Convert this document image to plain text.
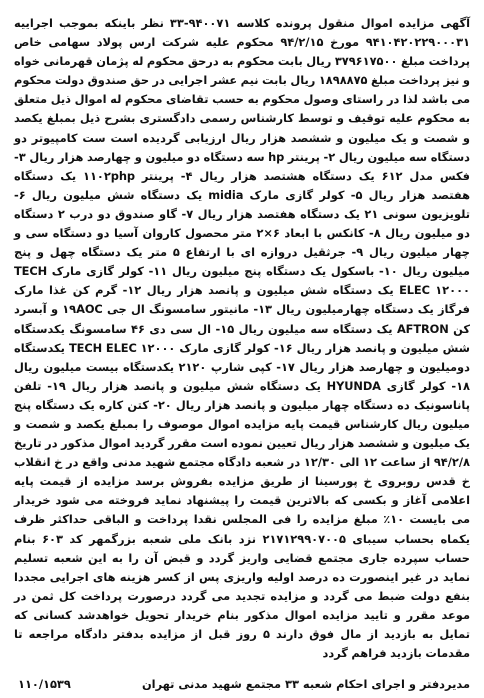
آگهی مزایده اموال منقول پرونده کلاسه ۹۴۰۰۷۱-۳۳ نظر باینکه بموجب اجراییه ۹۴۱۰۴۲۰۲۲۹۰۰۰۳۱ مورخ ۹۴/۲/۱۵ محکوم علیه شرکت ارس پولاد سهامی خاص پرداخت مبلغ ۳۷۹۶۱۷۵۰۰ ریال بابت محکوم به درحق محکوم له پژمان قهرمانی خواه و نیز پرداخت مبلغ ۱۸۹۸۸۷۵ ریال بابت نیم عشر اجرایی در حق صندوق دولت محکوم می باشد لذا در راستای وصول محکوم به حسب تقاضای محکوم له اموال ذیل متعلق به محکوم علیه توقیف و توسط کارشناس رسمی دادگستری بشرح ذیل بمبلغ یکصد و شصت و یک میلیون و ششصد هزار ریال ارزیابی گردیده است ست کامپیوتر دو دستگاه سه میلیون ریال ۲- پرینتر hp سه دستگاه دو میلیون و چهارصد هزار ریال ۳- فکس مدل ۶۱۲ یک دستگاه هشتصد هزار ریال ۴- پرینتر ۱۱۰۲php یک دستگاه هفتصد هزار ریال ۵- کولر گازی مارک midia یک دستگاه شش میلیون ریال ۶- تلویزیون سونی ۲۱ یک دستگاه هفتصد هزار ریال ۷- گاو صندوق دو درب ۲ دستگاه دو میلیون ریال ۸- کانکس با ابعاد ۶×۲ متر محصول کاروان آسیا دو دستگاه سی و چهار میلیون ریال ۹- جرثقیل دروازه ای با ارتفاع ۵ متر یک دستگاه چهل و پنج میلیون ریال ۱۰- باسکول یک دستگاه پنج میلیون ریال ۱۱- کولر گازی مارک TECH ELEC ۱۲۰۰۰ یک دستگاه شش میلیون و پانصد هزار ریال ۱۲- گرم کن غذا مارک فرگاز یک دستگاه چهارمیلیون ریال ۱۳- مانیتور سامسونگ ال جی ۱۹AOC و آبسرد کن AFTRON یک دستگاه سه میلیون ریال ۱۵- ال سی دی ۴۶ سامسونگ یکدستگاه شش میلیون و پانصد هزار ریال ۱۶- کولر گازی مارک TECH ELEC ۱۲۰۰۰ یکدستگاه دومیلیون و چهارصد هزار ریال ۱۷- کپی شارپ ۲۱۲۰ یکدستگاه بیست میلیون ریال ۱۸- کولر گازی HYUNDA یک دستگاه شش میلیون و پانصد هزار ریال ۱۹- تلفن پاناسونیک ده دستگاه چهار میلیون و پانصد هزار ریال ۲۰- کتن کاره یک دستگاه پنج میلیون ریال کارشناس قیمت پایه مزایده اموال موصوف را بمبلغ یکصد و شصت و یک میلیون و ششصد هزار ریال تعیین نموده است مقرر گردید اموال مذکور در تاریخ ۹۴/۲/۸ از ساعت ۱۲ الی ۱۲/۳۰ در شعبه دادگاه مجتمع شهید مدنی واقع در خ انقلاب خ قدس روبروی خ پورسینا از طریق مزایده بفروش برسد مزایده از قیمت پایه اعلامی آغاز و بکسی که بالاترین قیمت را پیشنهاد نماید فروخته می شود خریدار می بایست ۱۰٪ مبلغ مزایده را فی المجلس نقدا پرداخت و الباقی حداکثر ظرف یکماه بحساب سیبای ۲۱۷۱۲۹۹۰۷۰۰۵ نزد بانک ملی شعبه بزرگمهر کد ۶۰۳ بنام حساب سپرده جاری مجتمع قضایی واریز گردد و قبض آن را به این شعبه تسلیم نماید در غیر اینصورت ده درصد اولیه واریزی پس از کسر هزینه های اجرایی مجددا بنفع دولت ضبط می گردد و مزایده تجدید می گردد درصورت پرداخت کل ثمن در موعد مقرر و تایید مزایده اموال مذکور بنام خریدار تحویل خواهدشد کسانی که تمایل به بازدید از مال فوق دارند ۵ روز قبل از مزایده بدفتر دادگاه مراجعه تا مقدمات بازدید فراهم گردد
مدیردفتر و اجرای احکام شعبه ۳۳ مجتمع شهید مدنی تهران
۱۱۰/۱۵۳۹
